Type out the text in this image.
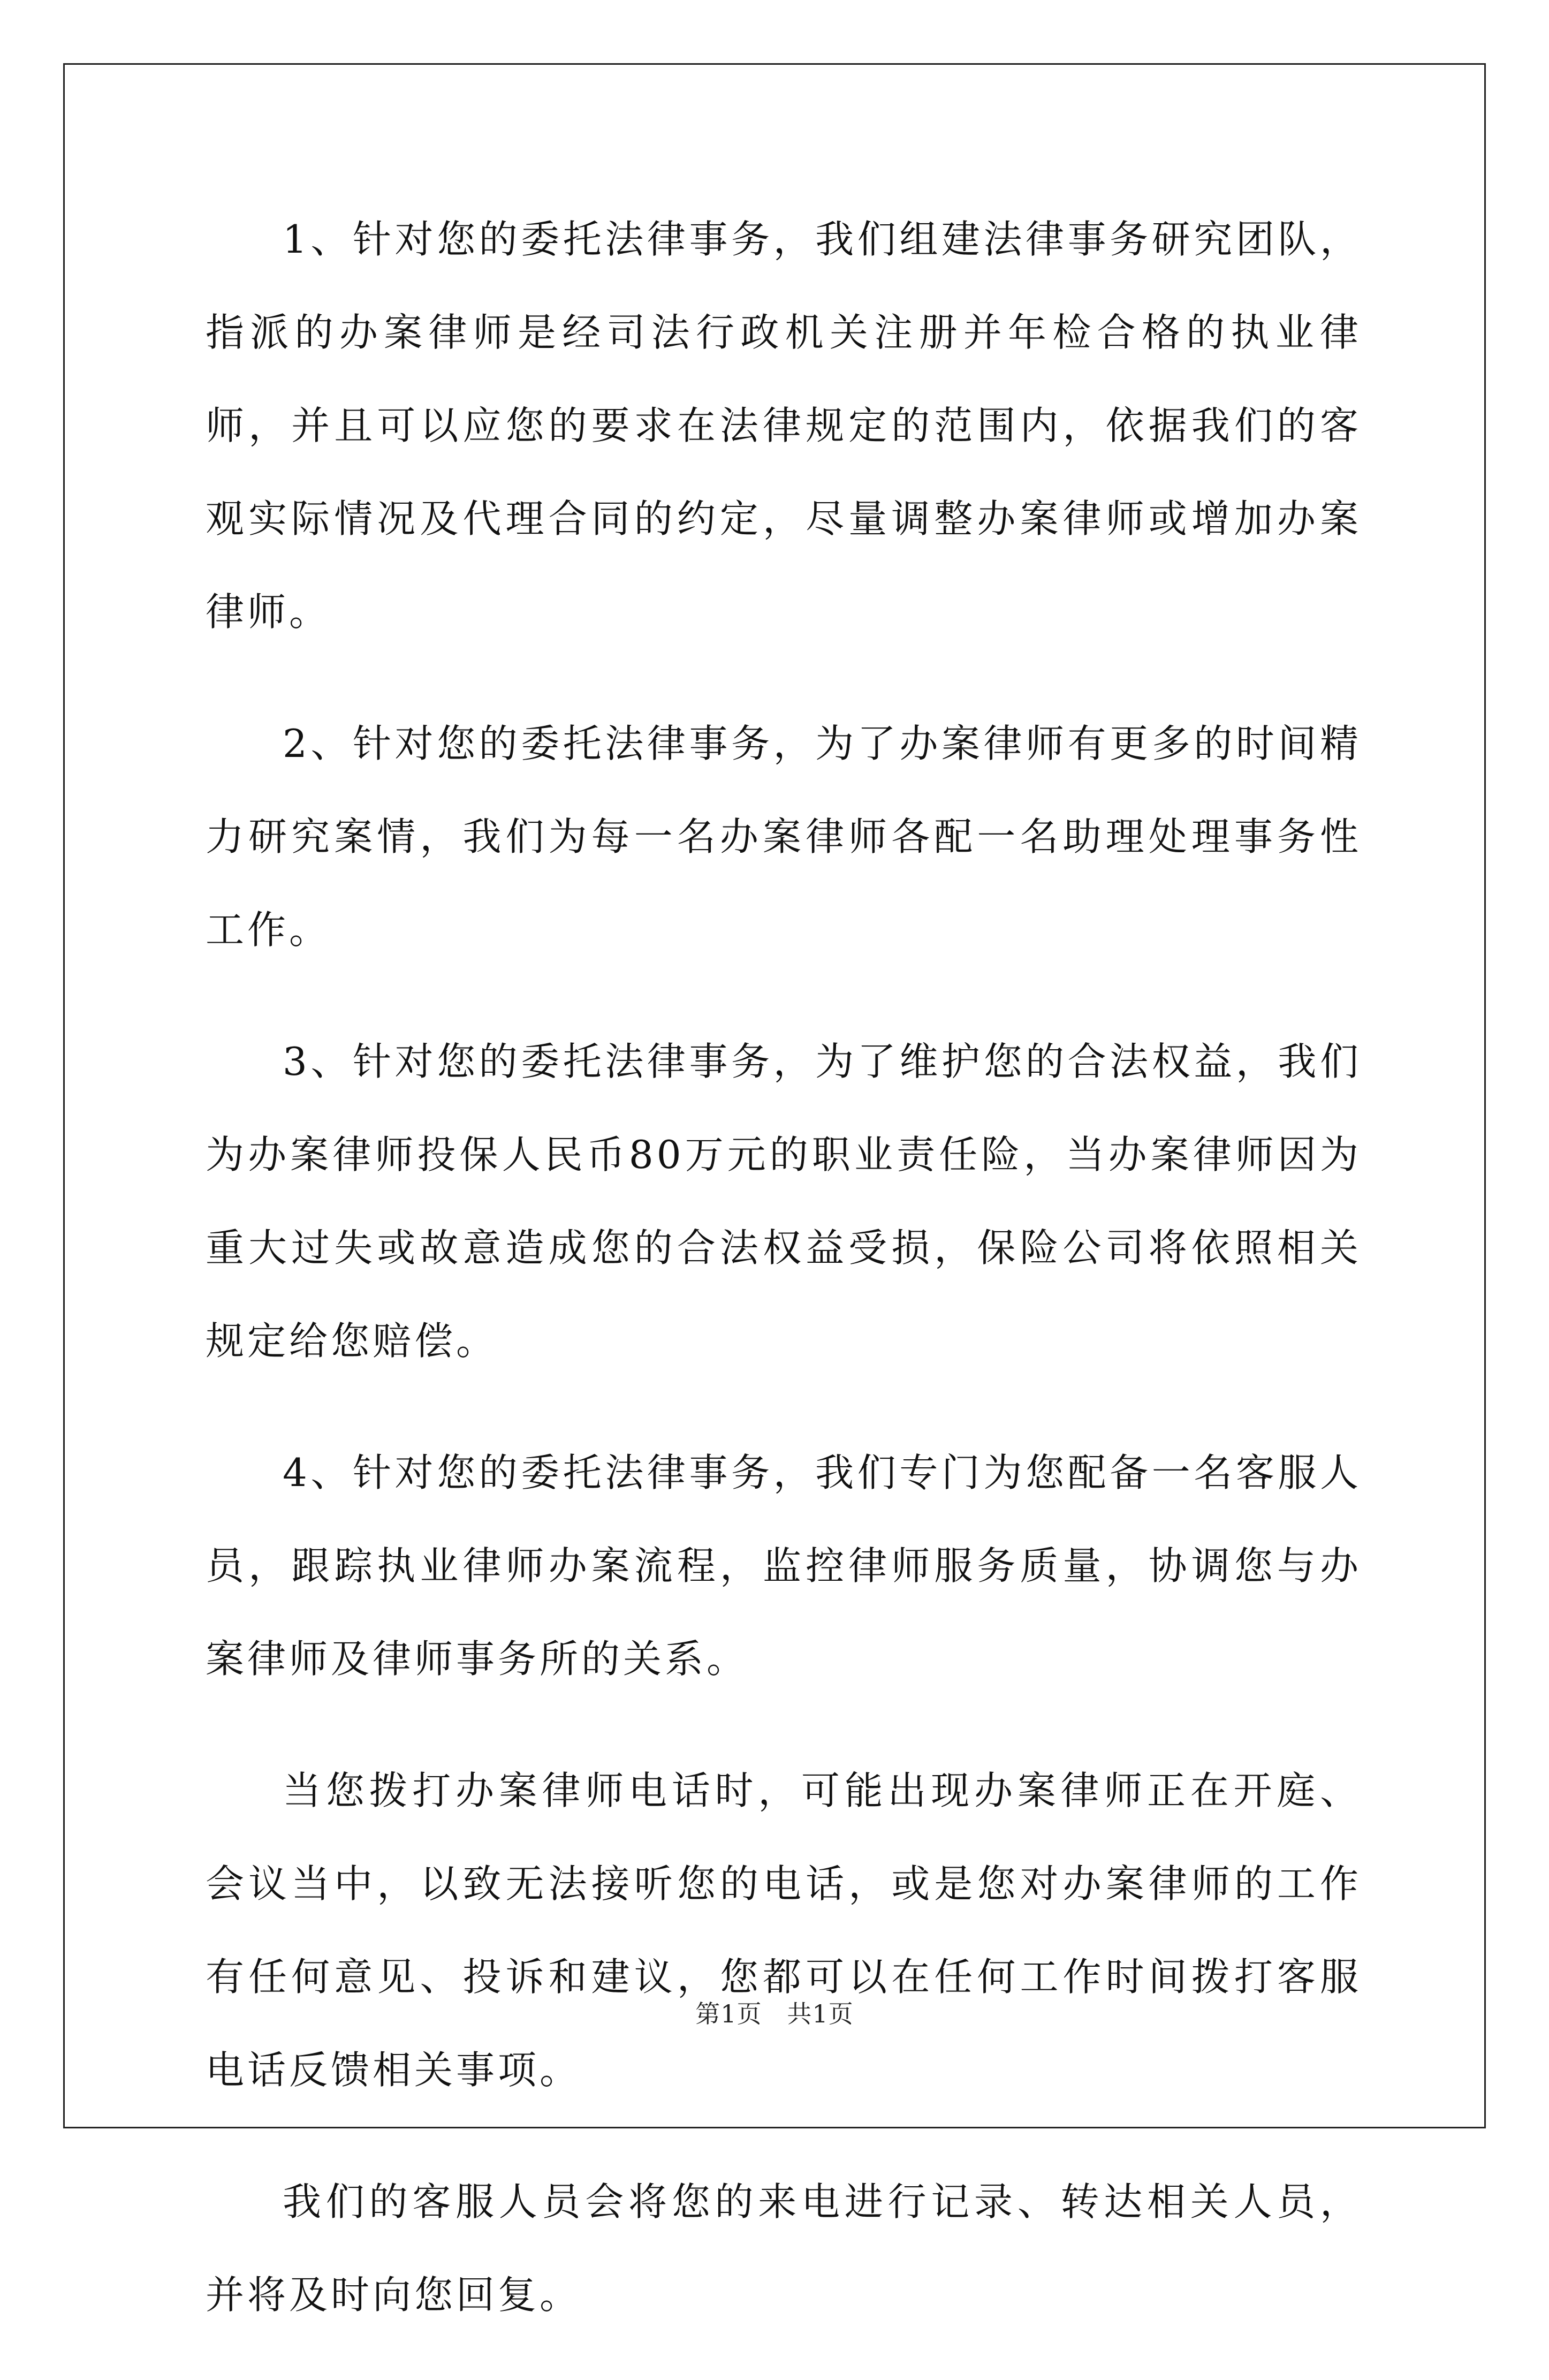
1、针对您的委托法律事务，我们组建法律事务研究团队，指派的办案律师是经司法行政机关注册并年检合格的执业律师，并且可以应您的要求在法律规定的范围内，依据我们的客观实际情况及代理合同的约定，尽量调整办案律师或增加办案律师。

2、针对您的委托法律事务，为了办案律师有更多的时间精力研究案情，我们为每一名办案律师各配一名助理处理事务性工作。

3、针对您的委托法律事务，为了维护您的合法权益，我们为办案律师投保人民币80万元的职业责任险，当办案律师因为重大过失或故意造成您的合法权益受损，保险公司将依照相关规定给您赔偿。

4、针对您的委托法律事务，我们专门为您配备一名客服人员，跟踪执业律师办案流程，监控律师服务质量，协调您与办案律师及律师事务所的关系。

当您拨打办案律师电话时，可能出现办案律师正在开庭、会议当中，以致无法接听您的电话，或是您对办案律师的工作有任何意见、投诉和建议，您都可以在任何工作时间拨打客服电话反馈相关事项。

我们的客服人员会将您的来电进行记录、转达相关人员，并将及时向您回复。

第1页   共1页
